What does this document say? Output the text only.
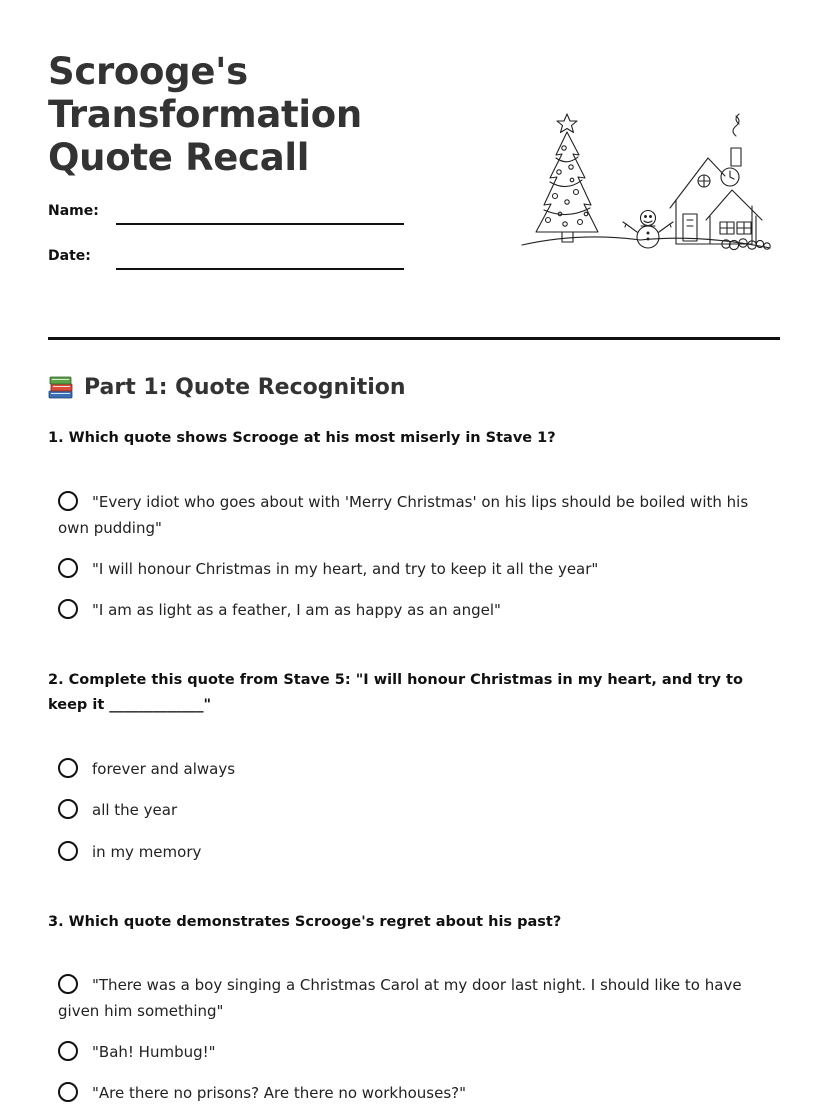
Scrooge's Transformation Quote Recall
Name:
Date:
Part 1: Quote Recognition

1. Which quote shows Scrooge at his most miserly in Stave 1?

"Every idiot who goes about with 'Merry Christmas' on his lips should be boiled with his own pudding"
"I will honour Christmas in my heart, and try to keep it all the year"
"I am as light as a feather, I am as happy as an angel"

2. Complete this quote from Stave 5: "I will honour Christmas in my heart, and try to keep it _____________"

forever and always
all the year
in my memory

3. Which quote demonstrates Scrooge's regret about his past?

"There was a boy singing a Christmas Carol at my door last night. I should like to have given him something"
"Bah! Humbug!"
"Are there no prisons? Are there no workhouses?"
